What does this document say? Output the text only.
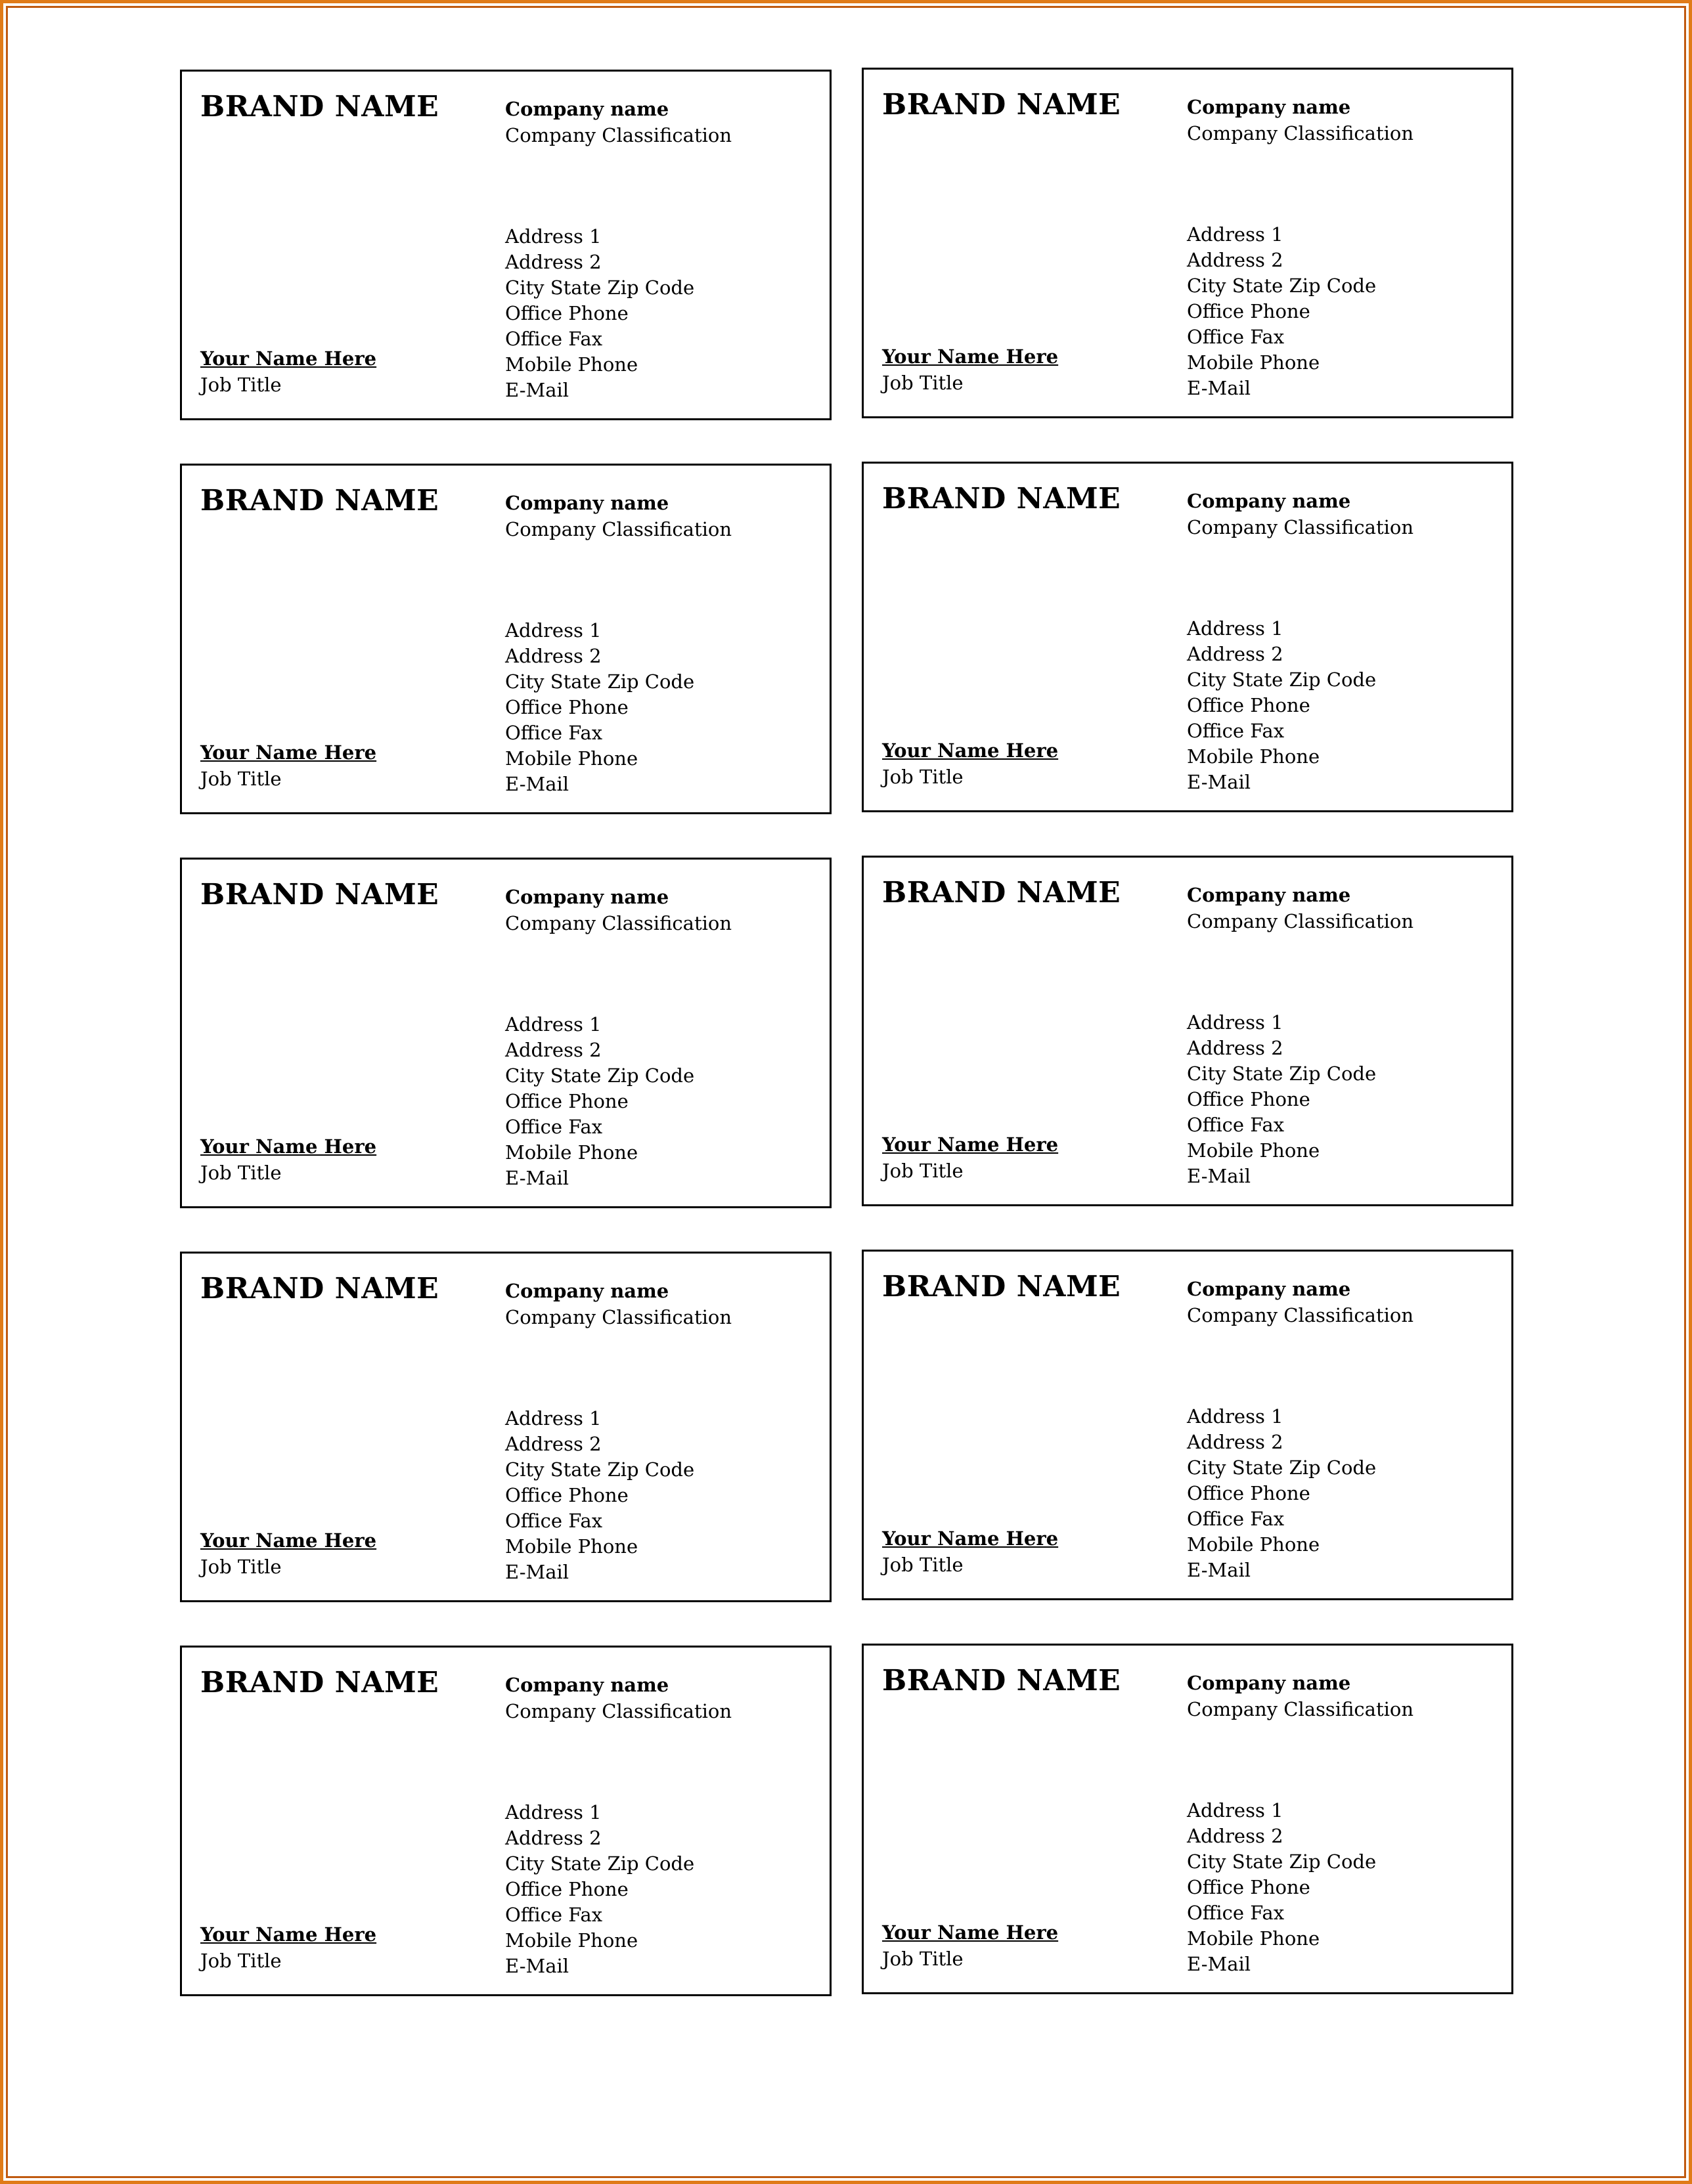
BRAND NAME	Company name
Company Classification
Address 1
Address 2
City State Zip Code
Office Phone
Office Fax
Mobile Phone
E-Mail
Your Name Here
Job Title
BRAND NAME	Company name
Company Classification
Address 1
Address 2
City State Zip Code
Office Phone
Office Fax
Mobile Phone
E-Mail
Your Name Here
Job Title
BRAND NAME	Company name
Company Classification
Address 1
Address 2
City State Zip Code
Office Phone
Office Fax
Mobile Phone
E-Mail
Your Name Here
Job Title
BRAND NAME	Company name
Company Classification
Address 1
Address 2
City State Zip Code
Office Phone
Office Fax
Mobile Phone
E-Mail
Your Name Here
Job Title
BRAND NAME	Company name
Company Classification
Address 1
Address 2
City State Zip Code
Office Phone
Office Fax
Mobile Phone
E-Mail
Your Name Here
Job Title
BRAND NAME	Company name
Company Classification
Address 1
Address 2
City State Zip Code
Office Phone
Office Fax
Mobile Phone
E-Mail
Your Name Here
Job Title
BRAND NAME	Company name
Company Classification
Address 1
Address 2
City State Zip Code
Office Phone
Office Fax
Mobile Phone
E-Mail
Your Name Here
Job Title
BRAND NAME	Company name
Company Classification
Address 1
Address 2
City State Zip Code
Office Phone
Office Fax
Mobile Phone
E-Mail
Your Name Here
Job Title
BRAND NAME	Company name
Company Classification
Address 1
Address 2
City State Zip Code
Office Phone
Office Fax
Mobile Phone
E-Mail
Your Name Here
Job Title
BRAND NAME	Company name
Company Classification
Address 1
Address 2
City State Zip Code
Office Phone
Office Fax
Mobile Phone
E-Mail
Your Name Here
Job Title
